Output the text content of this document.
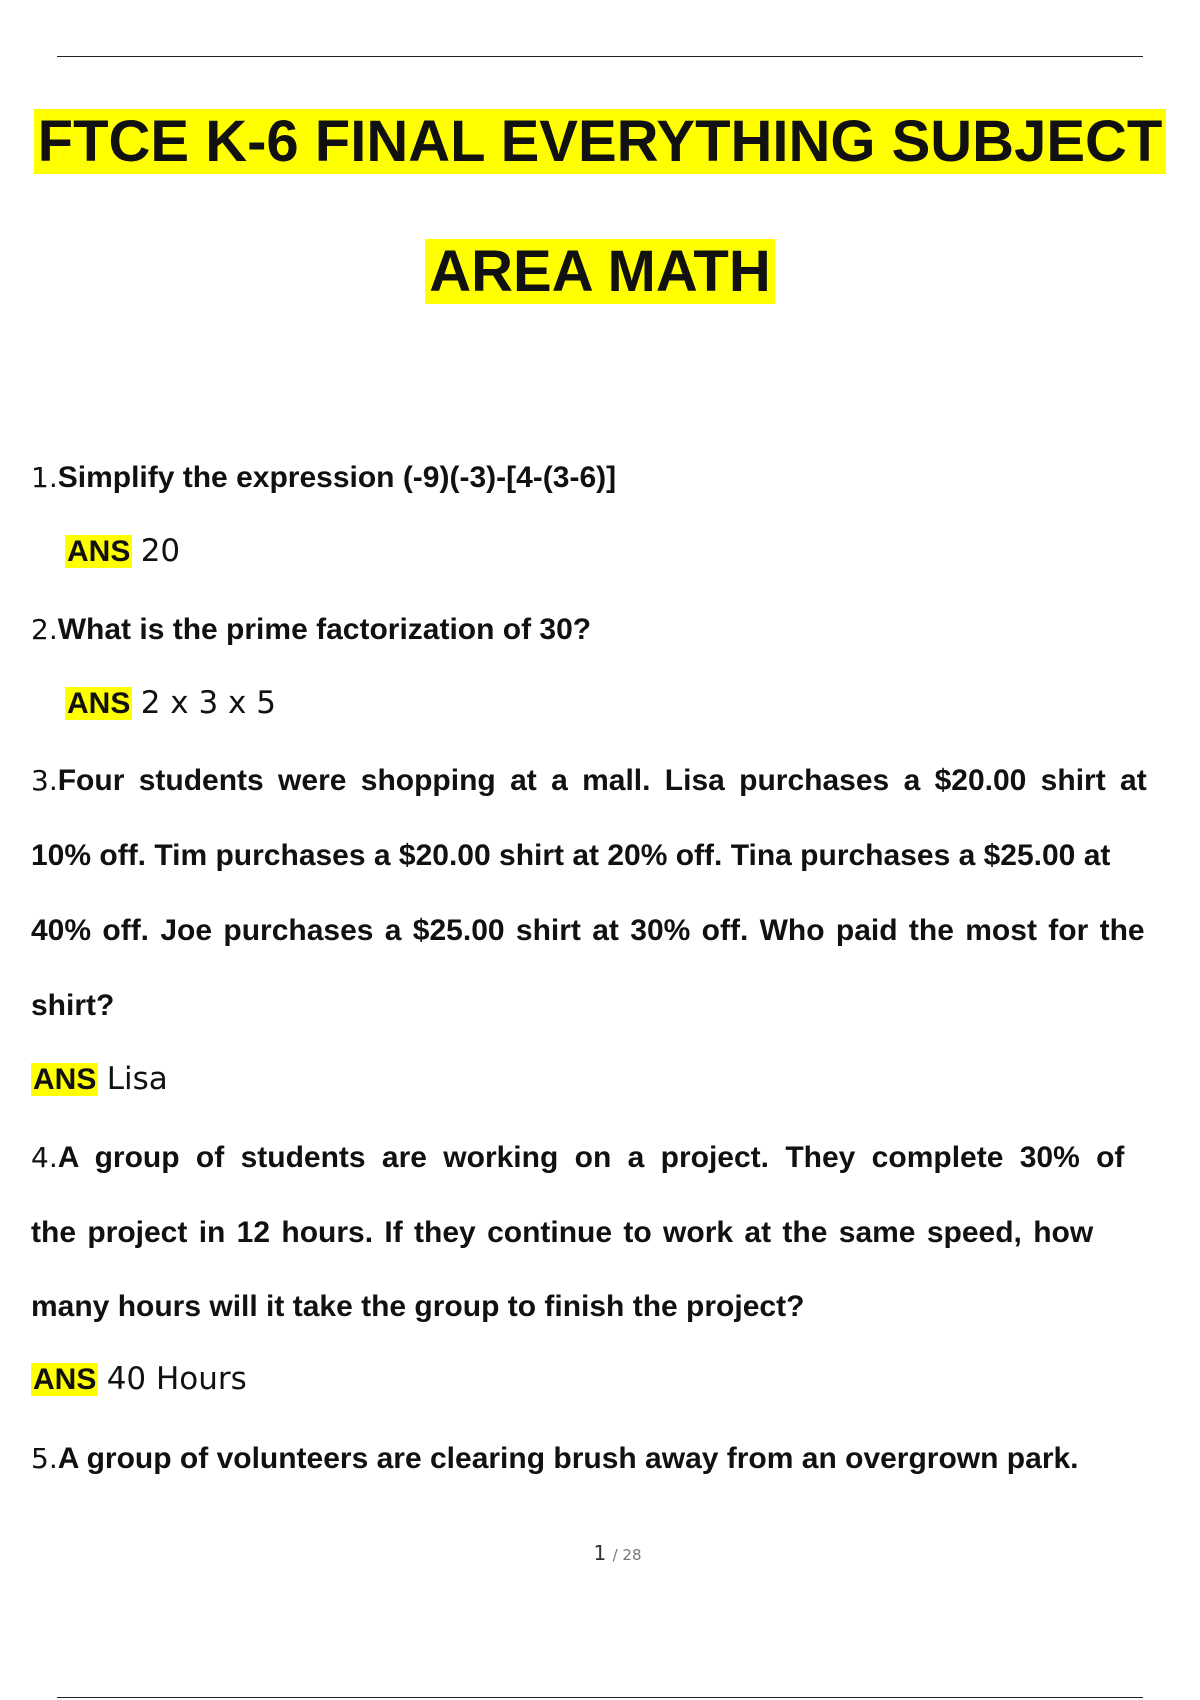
FTCE K-6 FINAL EVERYTHING SUBJECT
AREA MATH
1.Simplify the expression (-9)(-3)-[4-(3-6)]
ANS 20
2.What is the prime factorization of 30?
ANS 2 x 3 x 5
3.Four students were shopping at a mall. Lisa purchases a $20.00 shirt at
10% off. Tim purchases a $20.00 shirt at 20% off. Tina purchases a $25.00 at
40% off. Joe purchases a $25.00 shirt at 30% off. Who paid the most for the
shirt?
ANS Lisa
4.A group of students are working on a project. They complete 30% of
the project in 12 hours. If they continue to work at the same speed, how
many hours will it take the group to finish the project?
ANS 40 Hours
5.A group of volunteers are clearing brush away from an overgrown park.
1 / 28
